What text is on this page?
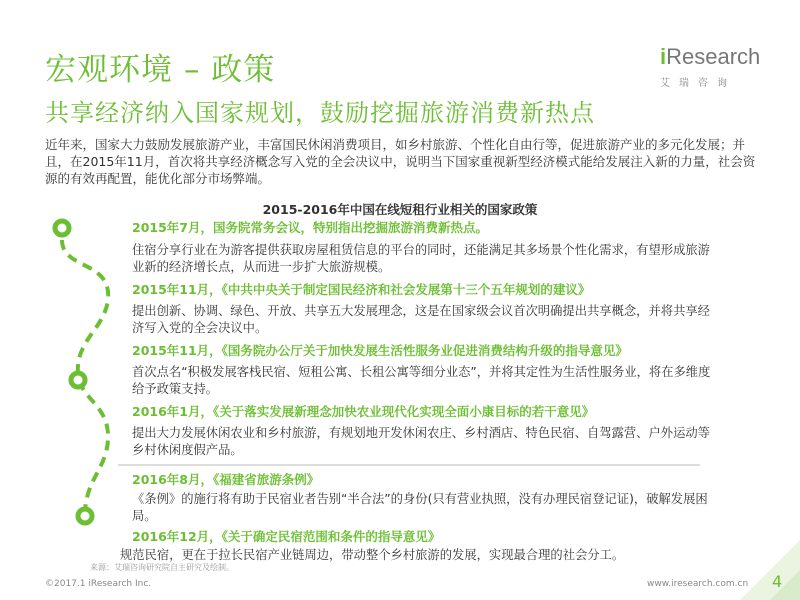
宏观环境 – 政策
共享经济纳入国家规划，鼓励挖掘旅游消费新热点
iResearch
艾瑞咨询
近年来，国家大力鼓励发展旅游产业，丰富国民休闲消费项目，如乡村旅游、个性化自由行等，促进旅游产业的多元化发展；并且，在2015年11月，首次将共享经济概念写入党的全会决议中，说明当下国家重视新型经济模式能给发展注入新的力量，社会资源的有效再配置，能优化部分市场弊端。
2015-2016年中国在线短租行业相关的国家政策
2015年7月，国务院常务会议，特别指出挖掘旅游消费新热点。
住宿分享行业在为游客提供获取房屋租赁信息的平台的同时，还能满足其多场景个性化需求，有望形成旅游业新的经济增长点，从而进一步扩大旅游规模。
2015年11月，《中共中央关于制定国民经济和社会发展第十三个五年规划的建议》
提出创新、协调、绿色、开放、共享五大发展理念，这是在国家级会议首次明确提出共享概念，并将共享经济写入党的全会决议中。
2015年11月，《国务院办公厅关于加快发展生活性服务业促进消费结构升级的指导意见》
首次点名“积极发展客栈民宿、短租公寓、长租公寓等细分业态”，并将其定性为生活性服务业，将在多维度给予政策支持。
2016年1月，《关于落实发展新理念加快农业现代化实现全面小康目标的若干意见》
提出大力发展休闲农业和乡村旅游，有规划地开发休闲农庄、乡村酒店、特色民宿、自驾露营、户外运动等乡村休闲度假产品。
2016年8月，《福建省旅游条例》
《条例》的施行将有助于民宿业者告别“半合法”的身份(只有营业执照，没有办理民宿登记证)，破解发展困局。
2016年12月，《关于确定民宿范围和条件的指导意见》
规范民宿，更在于拉长民宿产业链周边，带动整个乡村旅游的发展，实现最合理的社会分工。
来源：艾瑞咨询研究院自主研究及绘制。
©2017.1 iResearch Inc.	www.iresearch.com.cn 4
